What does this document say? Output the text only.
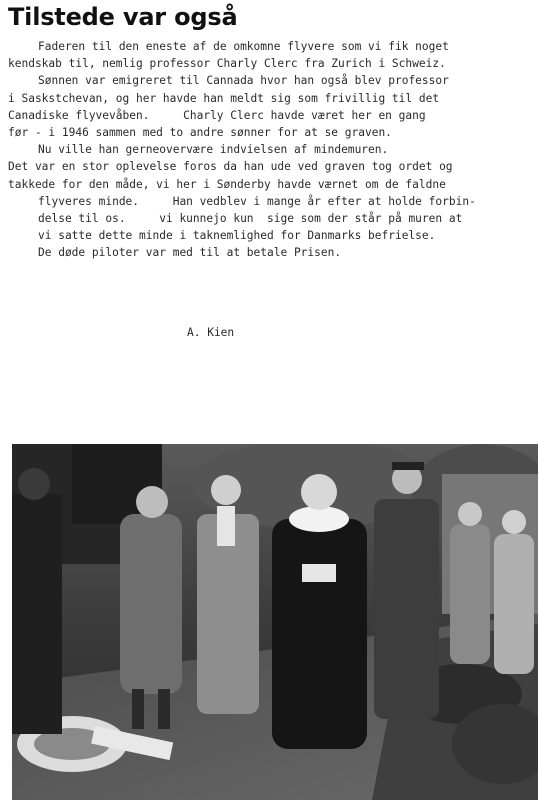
Tilstede var også
Faderen til den eneste af de omkomne flyvere som vi fik noget
kendskab til, nemlig professor Charly Clerc fra Zurich i Schweiz.
Sønnen var emigreret til Cannada hvor han også blev professor
i Saskstchevan, og her havde han meldt sig som frivillig til det
Canadiske flyvevåben.     Charly Clerc havde været her en gang
før - i 1946 sammen med to andre sønner for at se graven.
Nu ville han gerneovervære indvielsen af mindemuren.
Det var en stor oplevelse foros da han ude ved graven tog ordet og
takkede for den måde, vi her i Sønderby havde værnet om de faldne
flyveres minde.     Han vedblev i mange år efter at holde forbin-
delse til os.     vi kunnejo kun  sige som der står på muren at
vi satte dette minde i taknemlighed for Danmarks befrielse.
De døde piloter var med til at betale Prisen.
A. Kien
